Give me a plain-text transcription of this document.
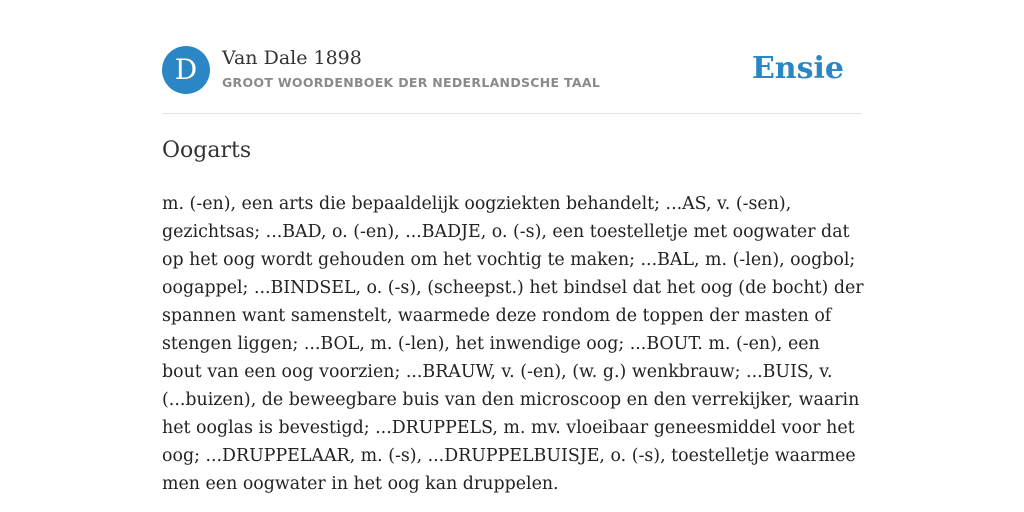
D Van Dale 1898
GROOT WOORDENBOEK DER NEDERLANDSCHE TAAL	Ensie
Oogarts

m. (-en), een arts die bepaaldelijk oogziekten behandelt; ...AS, v. (-sen), gezichtsas; ...BAD, o. (-en), ...BADJE, o. (-s), een toestelletje met oogwater dat op het oog wordt gehouden om het vochtig te maken; ...BAL, m. (-len), oogbol; oogappel; ...BINDSEL, o. (-s), (scheepst.) het bindsel dat het oog (de bocht) der spannen want samenstelt, waarmede deze rondom de toppen der masten of stengen liggen; ...BOL, m. (-len), het inwendige oog; ...BOUT. m. (-en), een bout van een oog voorzien; ...BRAUW, v. (-en), (w. g.) wenkbrauw; ...BUIS, v. (...buizen), de beweegbare buis van den microscoop en den verrekijker, waarin het ooglas is bevestigd; ...DRUPPELS, m. mv. vloeibaar geneesmiddel voor het oog; ...DRUPPELAAR, m. (-s), ...DRUPPELBUISJE, o. (-s), toestelletje waarmee men een oogwater in het oog kan druppelen.
